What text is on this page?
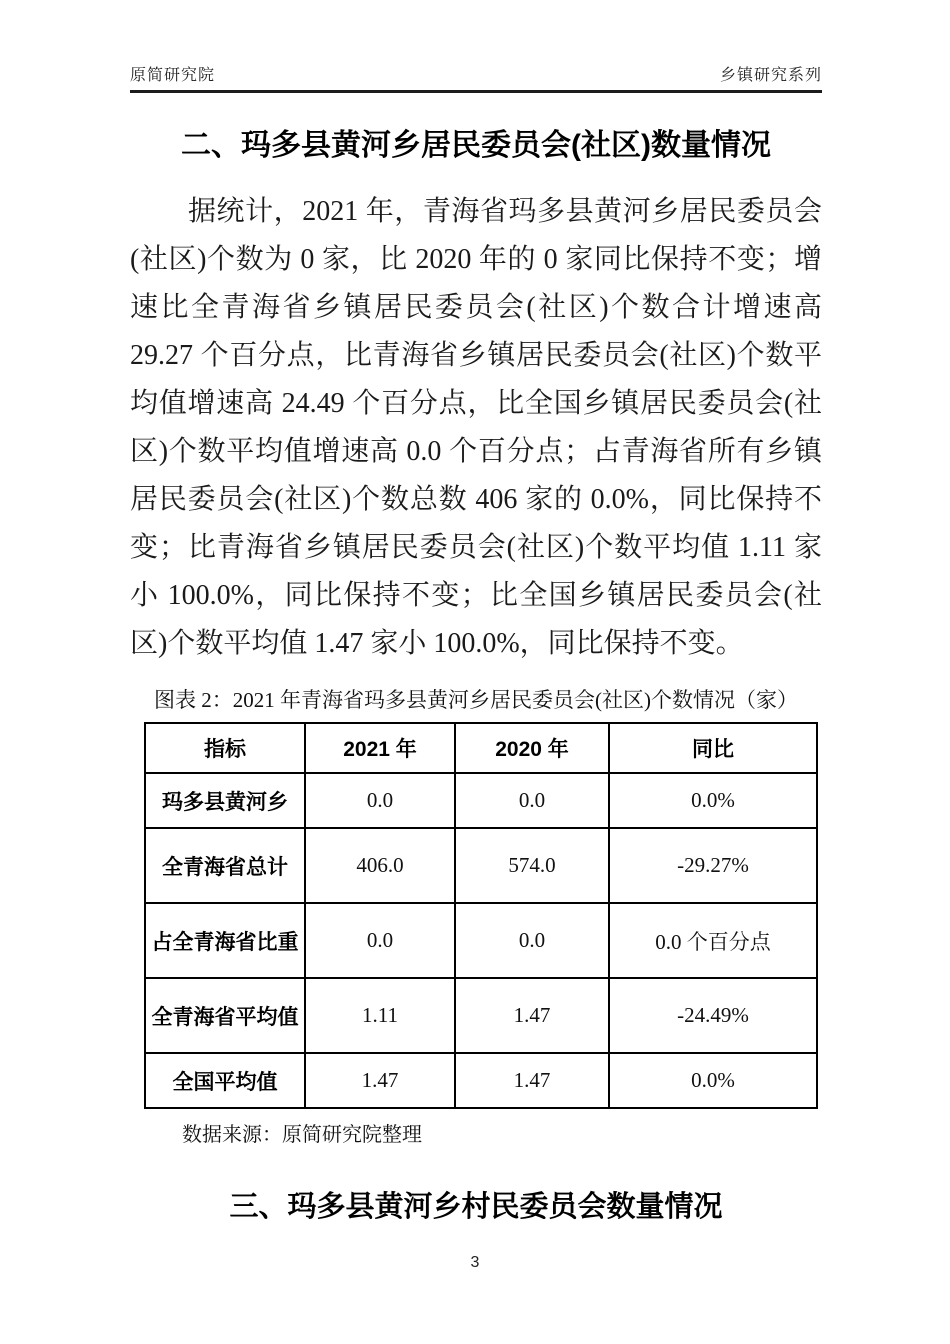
原简研究院	乡镇研究系列
二、玛多县黄河乡居民委员会(社区)数量情况

据统计，2021 年，青海省玛多县黄河乡居民委员会(社区)个数为 0 家，比 2020 年的 0 家同比保持不变；增速比全青海省乡镇居民委员会(社区)个数合计增速高 29.27 个百分点，比青海省乡镇居民委员会(社区)个数平均值增速高 24.49 个百分点，比全国乡镇居民委员会(社区)个数平均值增速高 0.0 个百分点；占青海省所有乡镇居民委员会(社区)个数总数 406 家的 0.0%，同比保持不变；比青海省乡镇居民委员会(社区)个数平均值 1.11 家小 100.0%，同比保持不变；比全国乡镇居民委员会(社区)个数平均值 1.47 家小 100.0%，同比保持不变。

图表 2：2021 年青海省玛多县黄河乡居民委员会(社区)个数情况（家）
指标	2021 年	2020 年	同比
玛多县黄河乡	0.0	0.0	0.0%
全青海省总计	406.0	574.0	-29.27%
占全青海省比重	0.0	0.0	0.0 个百分点
全青海省平均值	1.11	1.47	-24.49%
全国平均值	1.47	1.47	0.0%
数据来源：原简研究院整理
三、玛多县黄河乡村民委员会数量情况
3
